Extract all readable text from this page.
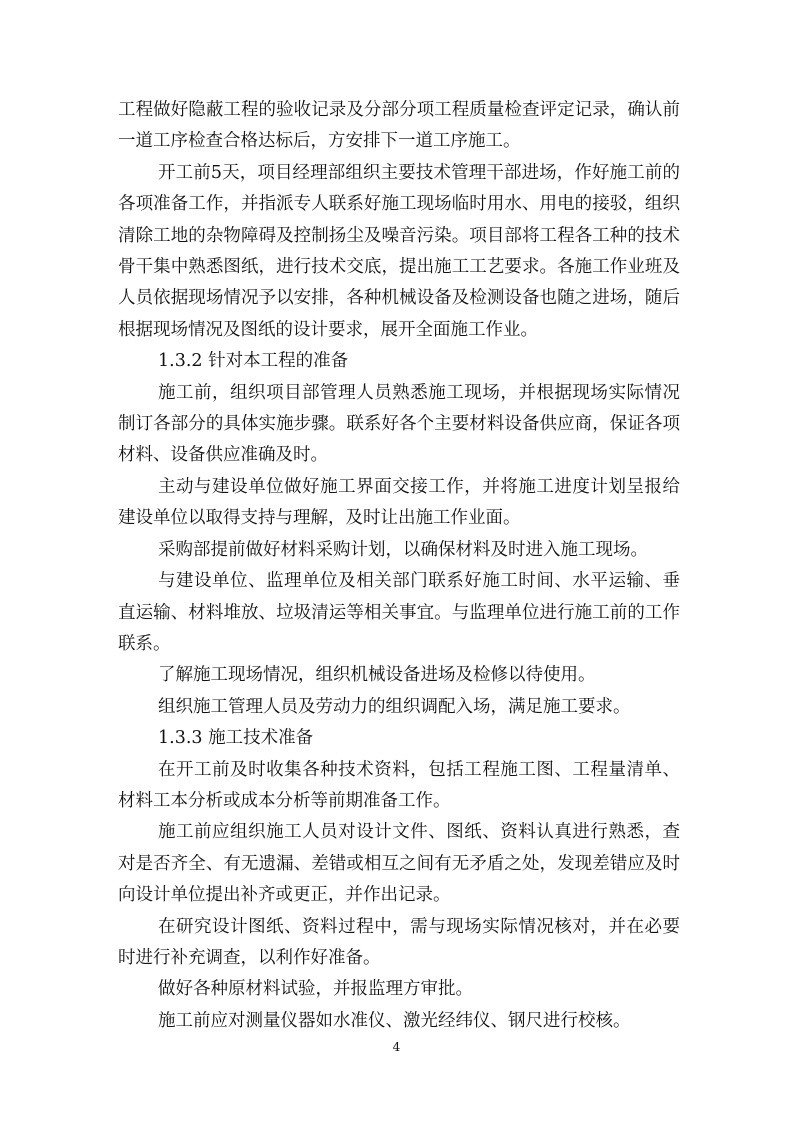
工程做好隐蔽工程的验收记录及分部分项工程质量检查评定记录，确认前一道工序检查合格达标后，方安排下一道工序施工。

开工前5天，项目经理部组织主要技术管理干部进场，作好施工前的各项准备工作，并指派专人联系好施工现场临时用水、用电的接驳，组织清除工地的杂物障碍及控制扬尘及噪音污染。项目部将工程各工种的技术骨干集中熟悉图纸，进行技术交底，提出施工工艺要求。各施工作业班及人员依据现场情况予以安排，各种机械设备及检测设备也随之进场，随后根据现场情况及图纸的设计要求，展开全面施工作业。

1.3.2 针对本工程的准备

施工前，组织项目部管理人员熟悉施工现场，并根据现场实际情况制订各部分的具体实施步骤。联系好各个主要材料设备供应商，保证各项材料、设备供应准确及时。

主动与建设单位做好施工界面交接工作，并将施工进度计划呈报给建设单位以取得支持与理解，及时让出施工作业面。

采购部提前做好材料采购计划，以确保材料及时进入施工现场。

与建设单位、监理单位及相关部门联系好施工时间、水平运输、垂直运输、材料堆放、垃圾清运等相关事宜。与监理单位进行施工前的工作联系。

了解施工现场情况，组织机械设备进场及检修以待使用。

组织施工管理人员及劳动力的组织调配入场，满足施工要求。

1.3.3 施工技术准备

在开工前及时收集各种技术资料，包括工程施工图、工程量清单、材料工本分析或成本分析等前期准备工作。

施工前应组织施工人员对设计文件、图纸、资料认真进行熟悉，查对是否齐全、有无遗漏、差错或相互之间有无矛盾之处，发现差错应及时向设计单位提出补齐或更正，并作出记录。

在研究设计图纸、资料过程中，需与现场实际情况核对，并在必要时进行补充调查，以利作好准备。

做好各种原材料试验，并报监理方审批。

施工前应对测量仪器如水准仪、激光经纬仪、钢尺进行校核。

4
